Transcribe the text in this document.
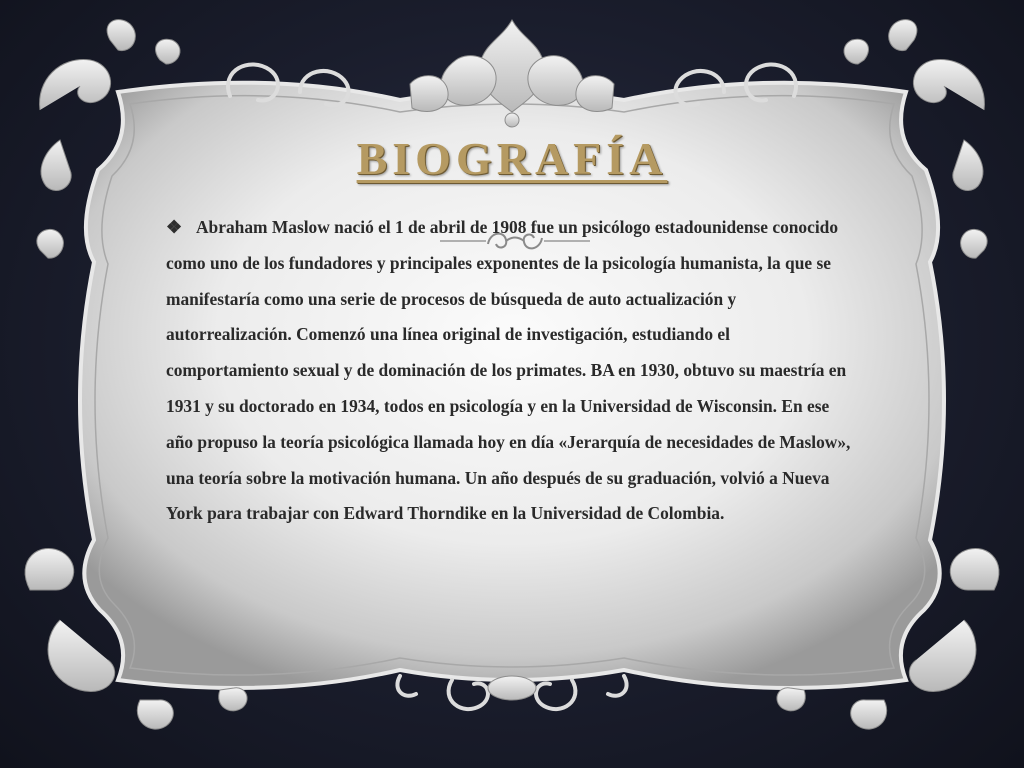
BIOGRAFÍA

❖ Abraham Maslow nació el 1 de abril de 1908 fue un psicólogo estadounidense conocido como uno de los fundadores y principales exponentes de la psicología humanista, la que se manifestaría como una serie de procesos de búsqueda de auto actualización y autorrealización. Comenzó una línea original de investigación, estudiando el comportamiento sexual y de dominación de los primates. BA en 1930, obtuvo su maestría en 1931 y su doctorado en 1934, todos en psicología y en la Universidad de Wisconsin. En ese año propuso la teoría psicológica llamada hoy en día «Jerarquía de necesidades de Maslow», una teoría sobre la motivación humana. Un año después de su graduación, volvió a Nueva York para trabajar con Edward Thorndike en la Universidad de Colombia.
